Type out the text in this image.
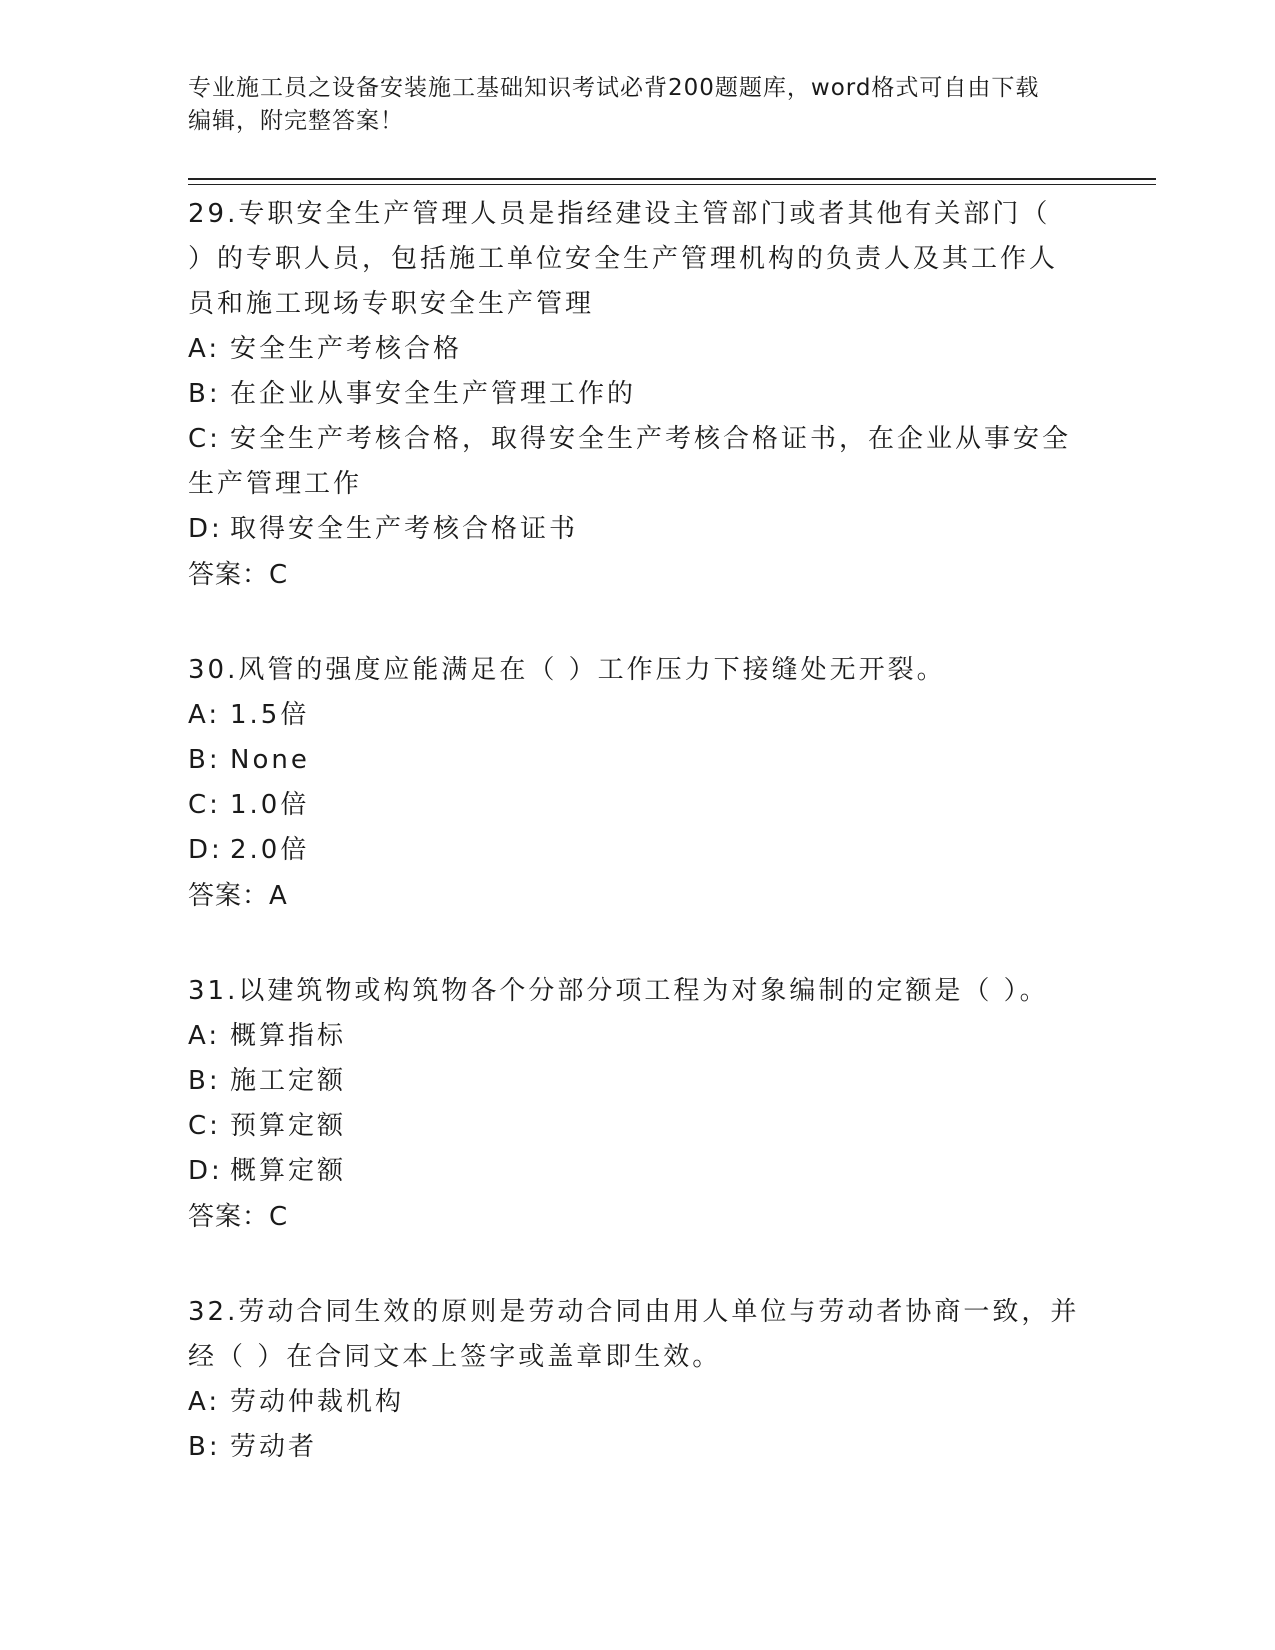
专业施工员之设备安装施工基础知识考试必背200题题库，word格式可自由下载
编辑，附完整答案！
29.专职安全生产管理人员是指经建设主管部门或者其他有关部门（
）的专职人员，包括施工单位安全生产管理机构的负责人及其工作人
员和施工现场专职安全生产管理
A: 安全生产考核合格
B: 在企业从事安全生产管理工作的
C: 安全生产考核合格，取得安全生产考核合格证书，在企业从事安全
生产管理工作
D: 取得安全生产考核合格证书
答案：C
30.风管的强度应能满足在（ ）工作压力下接缝处无开裂。
A: 1.5倍
B: None
C: 1.0倍
D: 2.0倍
答案：A
31.以建筑物或构筑物各个分部分项工程为对象编制的定额是（ ）。
A: 概算指标
B: 施工定额
C: 预算定额
D: 概算定额
答案：C
32.劳动合同生效的原则是劳动合同由用人单位与劳动者协商一致，并
经（ ）在合同文本上签字或盖章即生效。
A: 劳动仲裁机构
B: 劳动者
